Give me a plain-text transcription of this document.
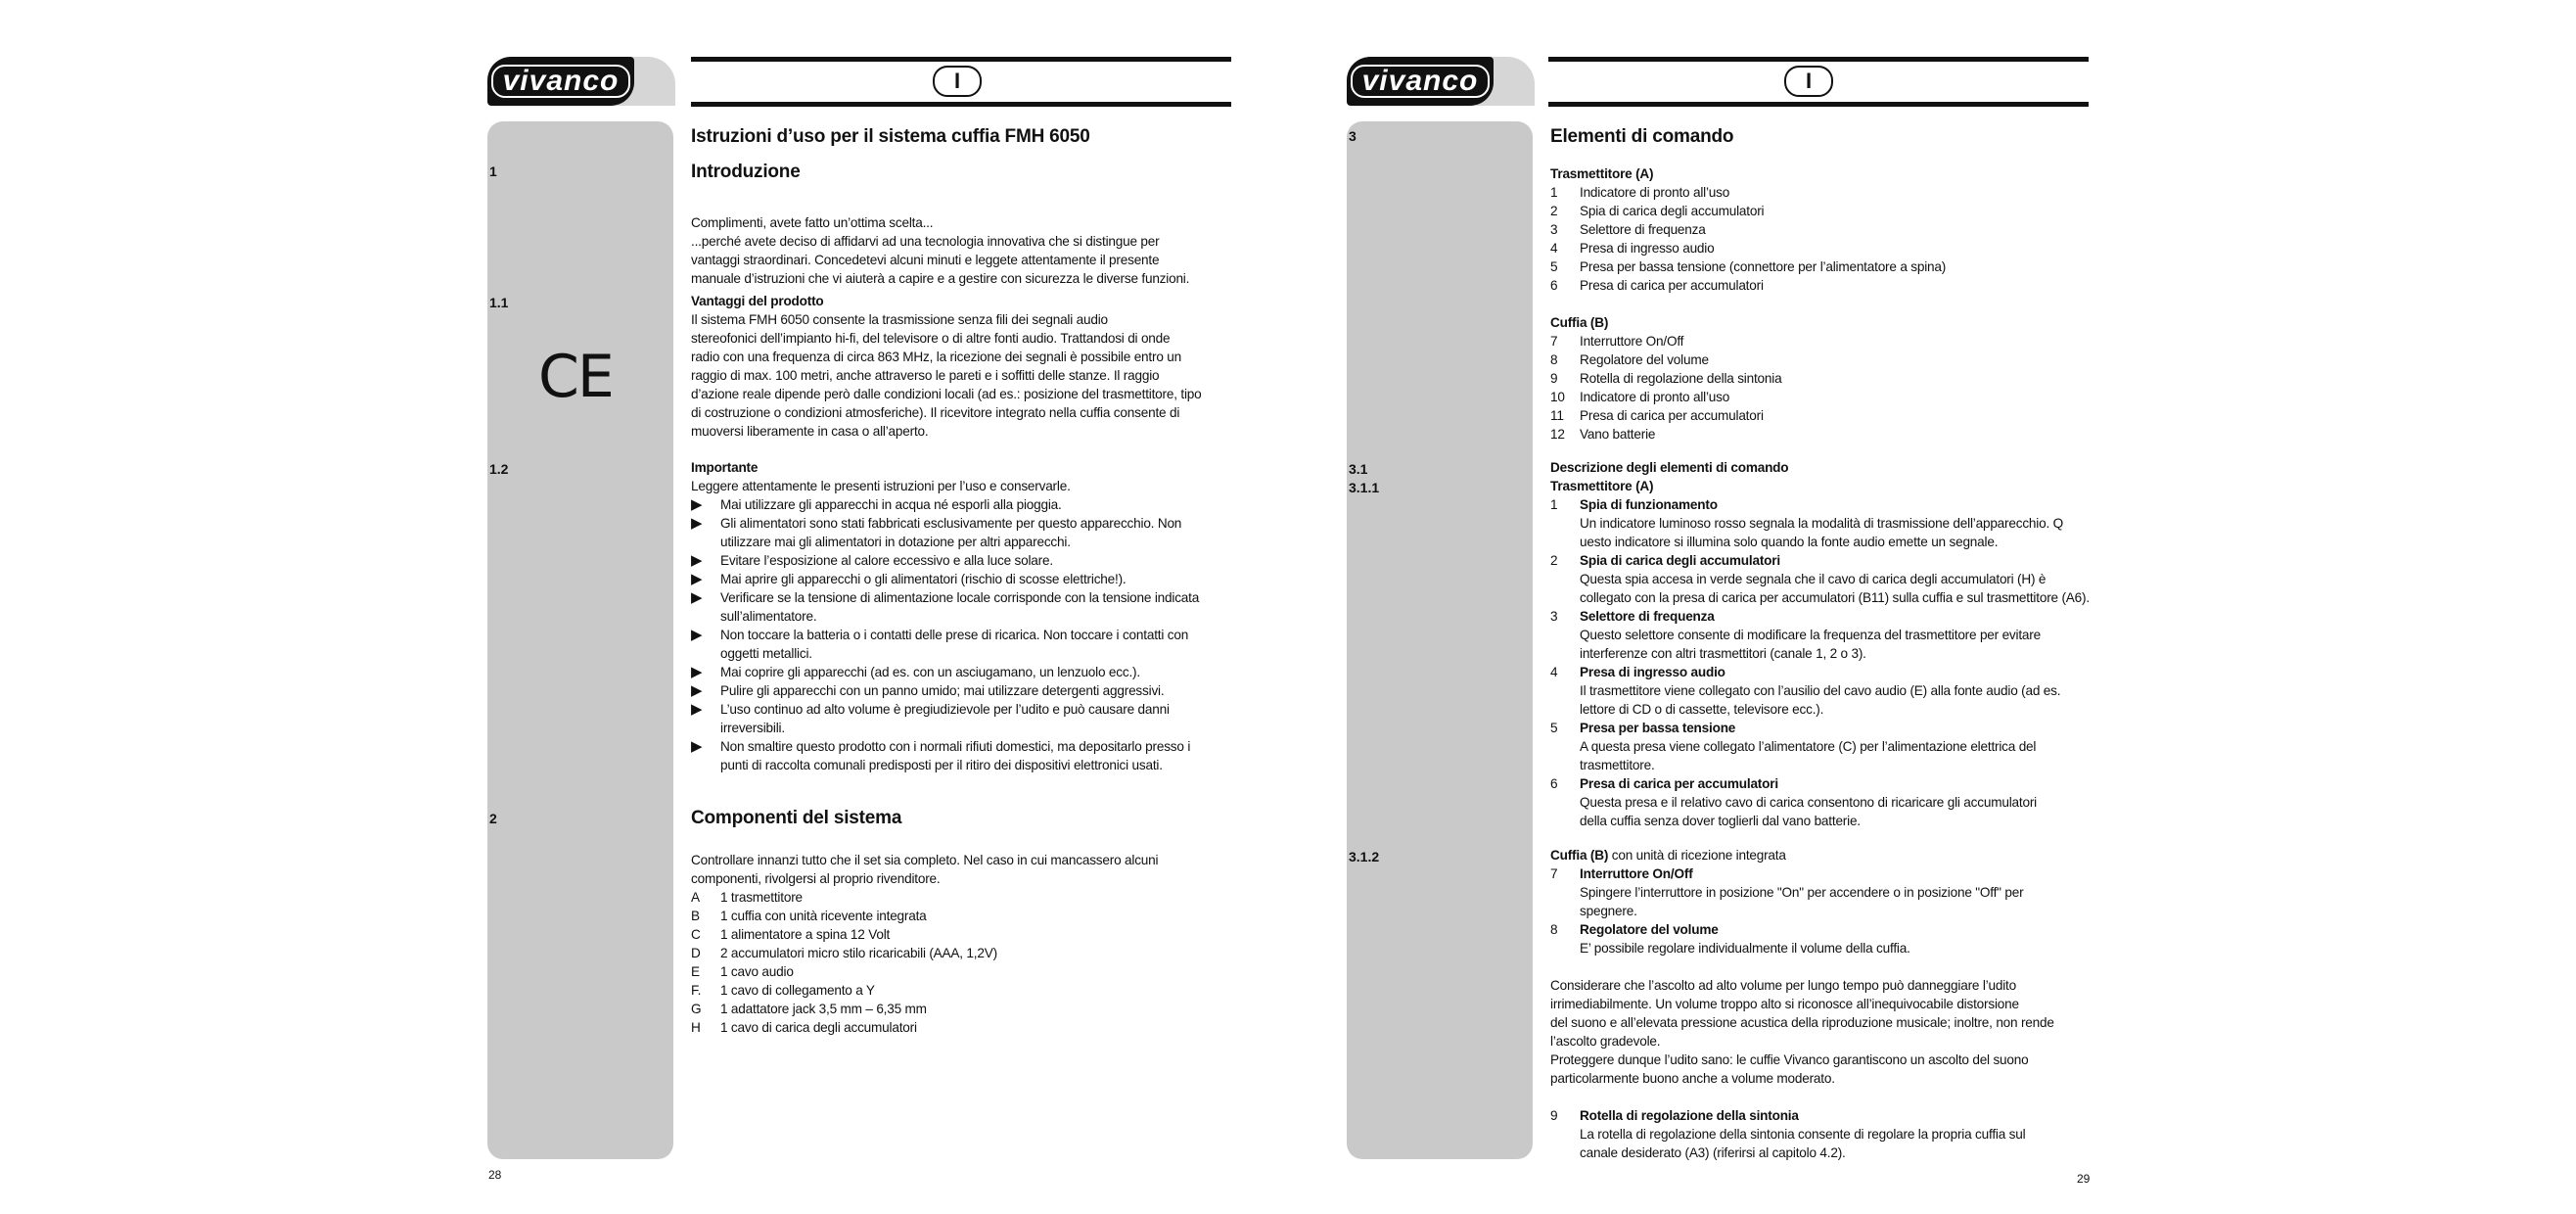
vivanco	I
CE
Istruzioni d’uso per il sistema cuffia FMH 6050
1	Introduzione
Complimenti, avete fatto un’ottima scelta...
...perché avete deciso di affidarvi ad una tecnologia innovativa che si distingue per
vantaggi straordinari. Concedetevi alcuni minuti e leggete attentamente il presente
manuale d’istruzioni che vi aiuterà a capire e a gestire con sicurezza le diverse funzioni.
1.1	Vantaggi del prodotto
Il sistema FMH 6050 consente la trasmissione senza fili dei segnali audio
stereofonici dell’impianto hi-fi, del televisore o di altre fonti audio. Trattandosi di onde
radio con una frequenza di circa 863 MHz, la ricezione dei segnali è possibile entro un
raggio di max. 100 metri, anche attraverso le pareti e i soffitti delle stanze. Il raggio
d’azione reale dipende però dalle condizioni locali (ad es.: posizione del trasmettitore, tipo
di costruzione o condizioni atmosferiche). Il ricevitore integrato nella cuffia consente di
muoversi liberamente in casa o all’aperto.
1.2	Importante
Leggere attentamente le presenti istruzioni per l’uso e conservarle.
▶	Mai utilizzare gli apparecchi in acqua né esporli alla pioggia.
▶	Gli alimentatori sono stati fabbricati esclusivamente per questo apparecchio. Non
utilizzare mai gli alimentatori in dotazione per altri apparecchi.
▶	Evitare l’esposizione al calore eccessivo e alla luce solare.
▶	Mai aprire gli apparecchi o gli alimentatori (rischio di scosse elettriche!).
▶	Verificare se la tensione di alimentazione locale corrisponde con la tensione indicata
sull’alimentatore.
▶	Non toccare la batteria o i contatti delle prese di ricarica. Non toccare i contatti con
oggetti metallici.
▶	Mai coprire gli apparecchi (ad es. con un asciugamano, un lenzuolo ecc.).
▶	Pulire gli apparecchi con un panno umido; mai utilizzare detergenti aggressivi.
▶	L’uso continuo ad alto volume è pregiudizievole per l’udito e può causare danni
irreversibili.
▶	Non smaltire questo prodotto con i normali rifiuti domestici, ma depositarlo presso i
punti di raccolta comunali predisposti per il ritiro dei dispositivi elettronici usati.
2	Componenti del sistema
Controllare innanzi tutto che il set sia completo. Nel caso in cui mancassero alcuni
componenti, rivolgersi al proprio rivenditore.
A	1 trasmettitore
B	1 cuffia con unità ricevente integrata
C	1 alimentatore a spina 12 Volt
D	2 accumulatori micro stilo ricaricabili (AAA, 1,2V)
E	1 cavo audio
F.	1 cavo di collegamento a Y
G	1 adattatore jack 3,5 mm – 6,35 mm
H	1 cavo di carica degli accumulatori
28
vivanco	I
3	Elementi di comando
Trasmettitore (A)
1	Indicatore di pronto all’uso
2	Spia di carica degli accumulatori
3	Selettore di frequenza
4	Presa di ingresso audio
5	Presa per bassa tensione (connettore per l’alimentatore a spina)
6	Presa di carica per accumulatori
Cuffia (B)
7	Interruttore On/Off
8	Regolatore del volume
9	Rotella di regolazione della sintonia
10	Indicatore di pronto all’uso
11	Presa di carica per accumulatori
12	Vano batterie
3.1
3.1.1
Descrizione degli elementi di comando
Trasmettitore (A)
1	Spia di funzionamento
Un indicatore luminoso rosso segnala la modalità di trasmissione dell’apparecchio. Q
uesto indicatore si illumina solo quando la fonte audio emette un segnale.
2	Spia di carica degli accumulatori
Questa spia accesa in verde segnala che il cavo di carica degli accumulatori (H) è
collegato con la presa di carica per accumulatori (B11) sulla cuffia e sul trasmettitore (A6).
3	Selettore di frequenza
Questo selettore consente di modificare la frequenza del trasmettitore per evitare
interferenze con altri trasmettitori (canale 1, 2 o 3).
4	Presa di ingresso audio
Il trasmettitore viene collegato con l’ausilio del cavo audio (E) alla fonte audio (ad es.
lettore di CD o di cassette, televisore ecc.).
5	Presa per bassa tensione
A questa presa viene collegato l’alimentatore (C) per l’alimentazione elettrica del
trasmettitore.
6	Presa di carica per accumulatori
Questa presa e il relativo cavo di carica consentono di ricaricare gli accumulatori
della cuffia senza dover toglierli dal vano batterie.
3.1.2	Cuffia (B) con unità di ricezione integrata
7	Interruttore On/Off
Spingere l’interruttore in posizione "On" per accendere o in posizione "Off" per
spegnere.
8	Regolatore del volume
E’ possibile regolare individualmente il volume della cuffia.
Considerare che l’ascolto ad alto volume per lungo tempo può danneggiare l’udito
irrimediabilmente. Un volume troppo alto si riconosce all’inequivocabile distorsione
del suono e all’elevata pressione acustica della riproduzione musicale; inoltre, non rende
l’ascolto gradevole.
Proteggere dunque l’udito sano: le cuffie Vivanco garantiscono un ascolto del suono
particolarmente buono anche a volume moderato.
9	Rotella di regolazione della sintonia
La rotella di regolazione della sintonia consente di regolare la propria cuffia sul
canale desiderato (A3) (riferirsi al capitolo 4.2).
29
